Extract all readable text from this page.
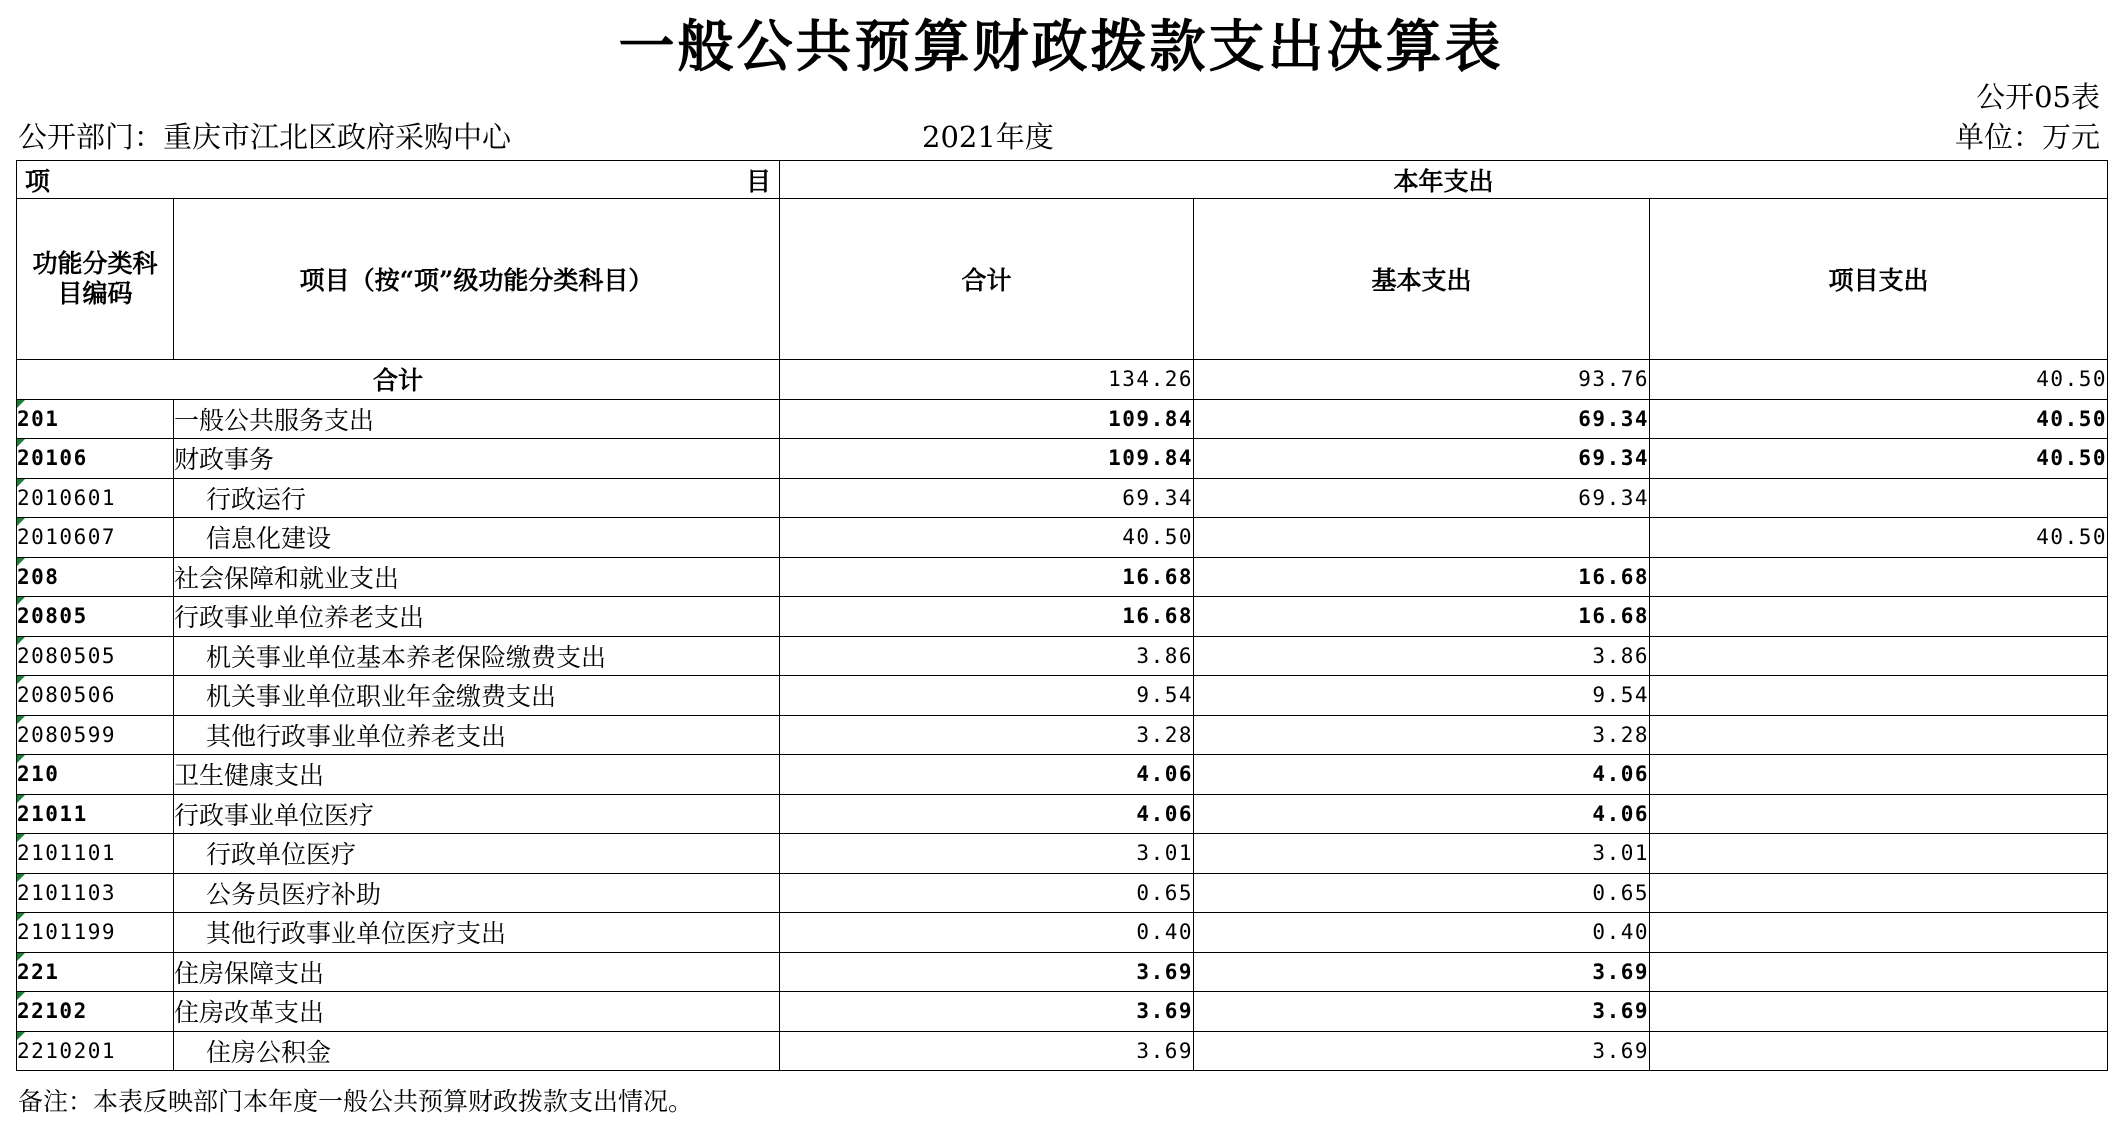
一般公共预算财政拨款支出决算表
公开05表
公开部门：重庆市江北区政府采购中心	2021年度	单位：万元
项 目		本年支出		
功能分类科目编码	项目（按“项”级功能分类科目）	合计	基本支出	项目支出
合计		134.26	93.76	40.50
201	一般公共服务支出	109.84	69.34	40.50
20106	财政事务	109.84	69.34	40.50
2010601	行政运行	69.34	69.34	
2010607	信息化建设	40.50		40.50
208	社会保障和就业支出	16.68	16.68	
20805	行政事业单位养老支出	16.68	16.68	
2080505	机关事业单位基本养老保险缴费支出	3.86	3.86	
2080506	机关事业单位职业年金缴费支出	9.54	9.54	
2080599	其他行政事业单位养老支出	3.28	3.28	
210	卫生健康支出	4.06	4.06	
21011	行政事业单位医疗	4.06	4.06	
2101101	行政单位医疗	3.01	3.01	
2101103	公务员医疗补助	0.65	0.65	
2101199	其他行政事业单位医疗支出	0.40	0.40	
221	住房保障支出	3.69	3.69	
22102	住房改革支出	3.69	3.69	
2210201	住房公积金	3.69	3.69	
备注：本表反映部门本年度一般公共预算财政拨款支出情况。
